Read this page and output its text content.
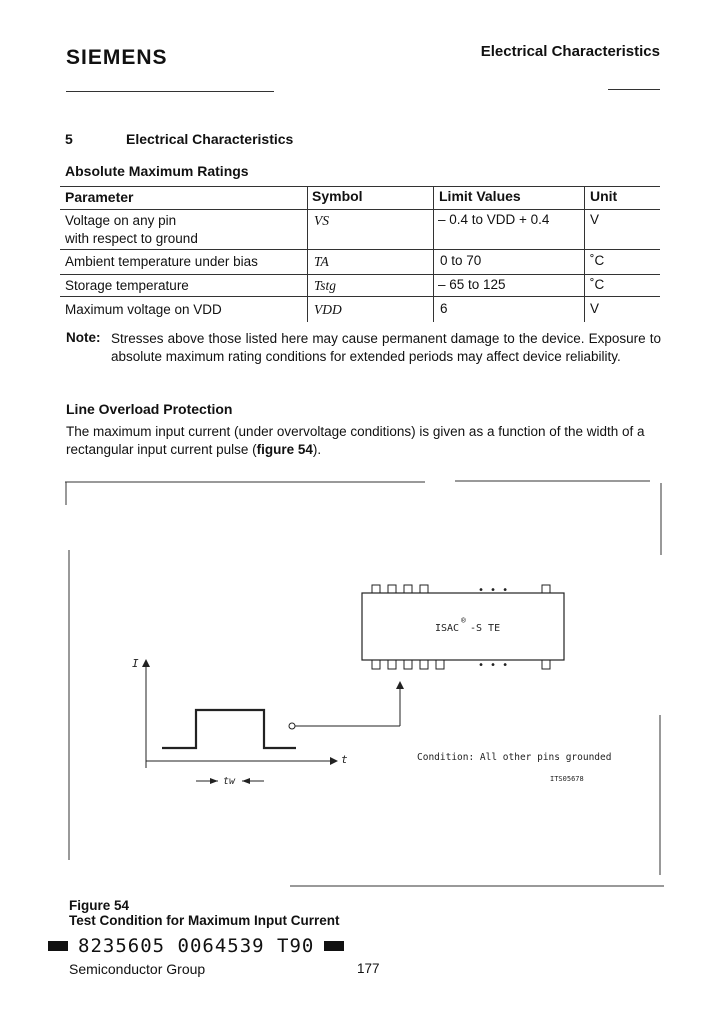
SIEMENS	Electrical Characteristics
5	Electrical Characteristics
Absolute Maximum Ratings
Parameter	Symbol	Limit Values	Unit
Voltage on any pin
with respect to ground
VS	– 0.4 to VDD + 0.4	V
Ambient temperature under bias	TA	0 to 70	˚C
Storage temperature	Tstg	– 65 to 125	˚C
Maximum voltage on VDD	VDD	6	V
Note: Stresses above those listed here may cause permanent damage to the device. Exposure to absolute maximum rating conditions for extended periods may affect device reliability.
Line Overload Protection
The maximum input current (under overvoltage conditions) is given as a function of the width of a rectangular input current pulse (figure 54).
• • •
• • •
ISAC
®
-S TE
I
t
tw
Condition: All other pins grounded
ITS05678
Figure 54
Test Condition for Maximum Input Current
8235605 0064539 T90
Semiconductor Group	177
